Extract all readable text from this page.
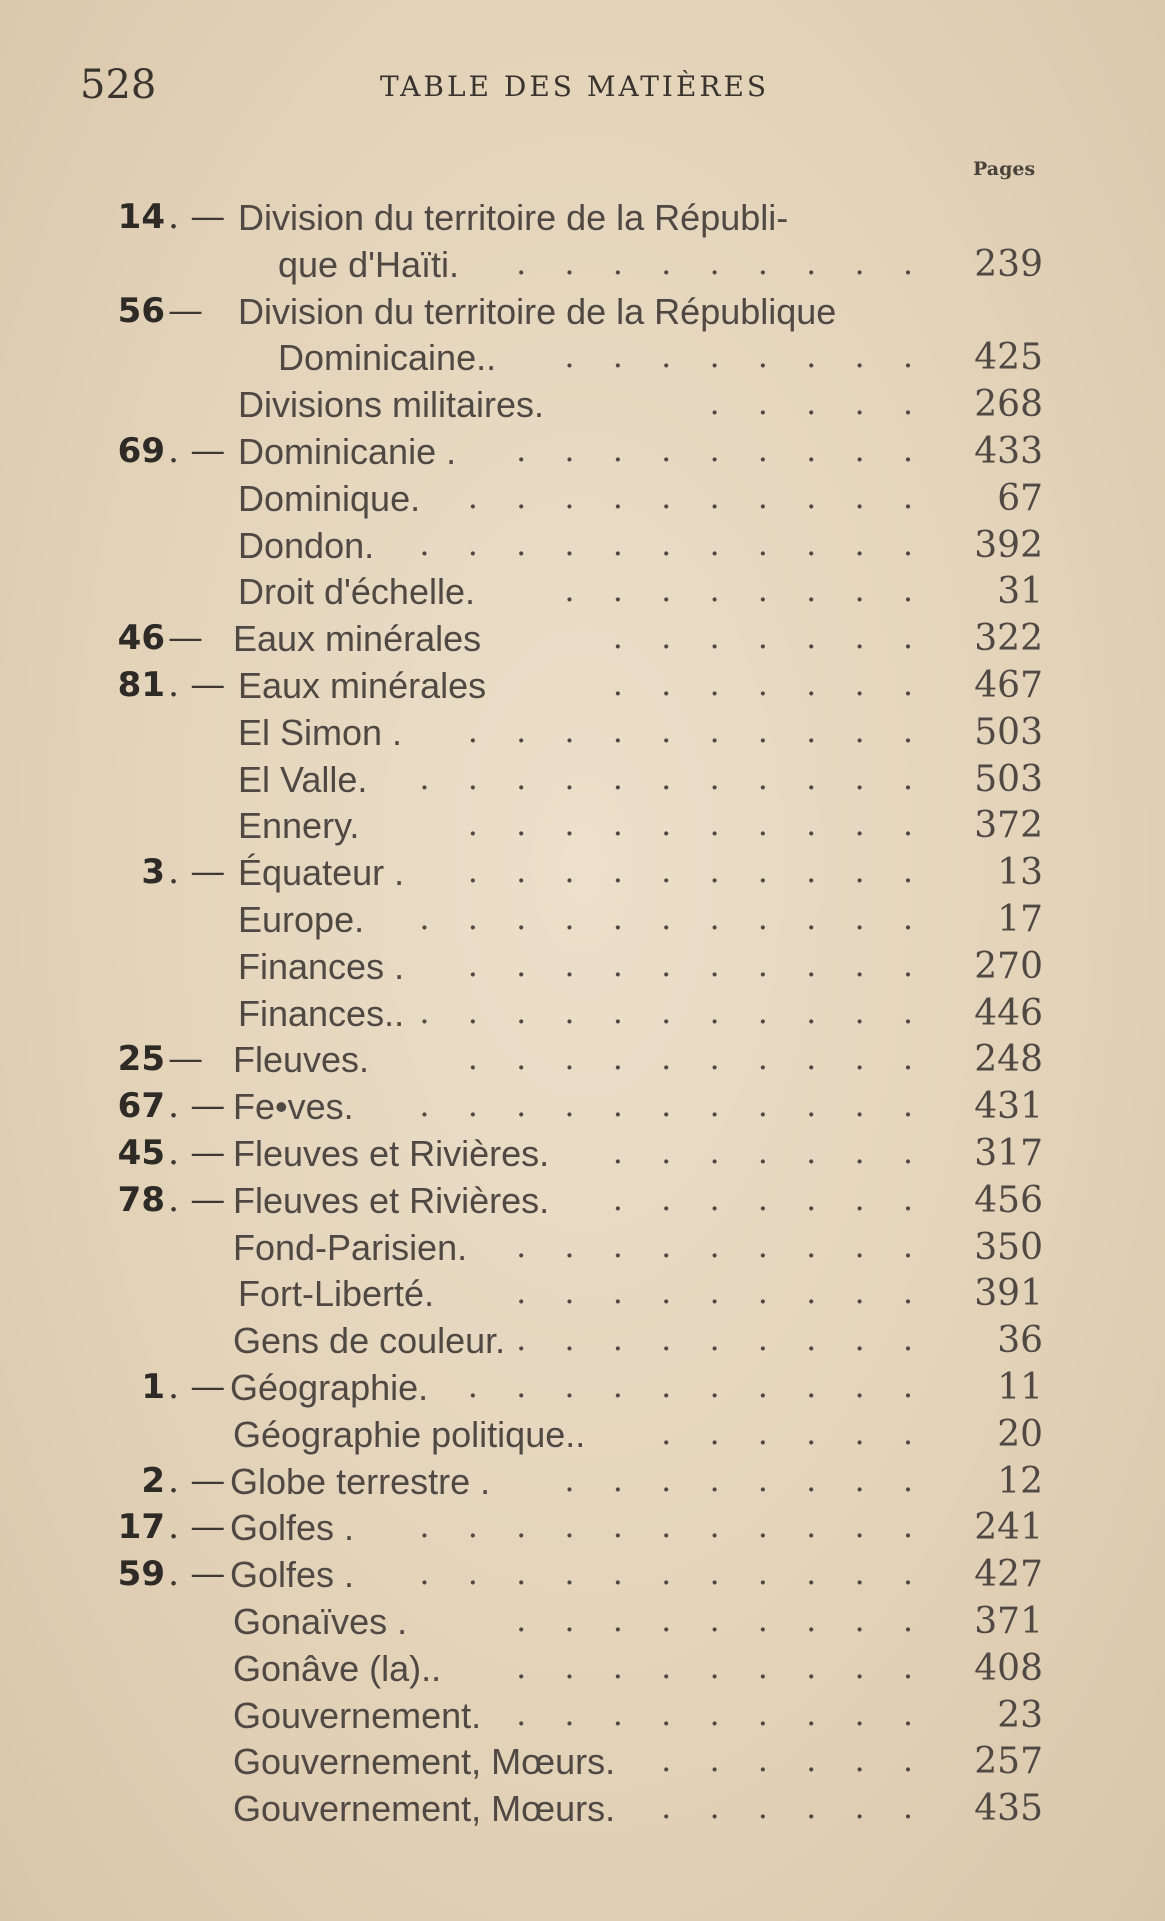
528	TABLE DES MATIÈRES
Pages
14 . — Division du territoire de la Républi-
que d'Haïti. . . . . . . . . . 239
56 — Division du territoire de la République
Dominicaine.. . . . . . . . . 425
Divisions militaires.	. . . . . 268
69 . — Dominicanie . . . . . . . . . . 433
Dominique. . . . . . . . . . . 67
Dondon. . . . . . . . . . . . 392
Droit d'échelle.	. . . . . . . . 31
46 — Eaux minérales	. . . . . . . 322
81 . — Eaux minérales	. . . . . . . 467
El Simon . . . . . . . . . . . 503
El Valle. . . . . . . . . . . . 503
Ennery.	. . . . . . . . . . 372
3 . — Équateur . . . . . . . . . . . 13
Europe. . . . . . . . . . . . 17
Finances . . . . . . . . . . . 270
Finances.. . . . . . . . . . . . 446
25 — Fleuves.	. . . . . . . . . . 248
67 . — Fe•ves. . . . . . . . . . . . 431
45 . — Fleuves et Rivières. . . . . . . . 317
78 . — Fleuves et Rivières. . . . . . . . 456
Fond-Parisien. . . . . . . . . . 350
Fort-Liberté.	. . . . . . . . . 391
Gens de couleur. . . . . . . . . . 36
1 . — Géographie. . . . . . . . . . . 11
Géographie politique.. . . . . . . 20
2 . — Globe terrestre . . . . . . . . . 12
17 . — Golfes . . . . . . . . . . . . 241
59 . — Golfes . . . . . . . . . . . . 427
Gonaïves .	. . . . . . . . . 371
Gonâve (la).. . . . . . . . . . 408
Gouvernement. . . . . . . . . . 23
Gouvernement, Mœurs. . . . . . . 257
Gouvernement, Mœurs. . . . . . . 435
